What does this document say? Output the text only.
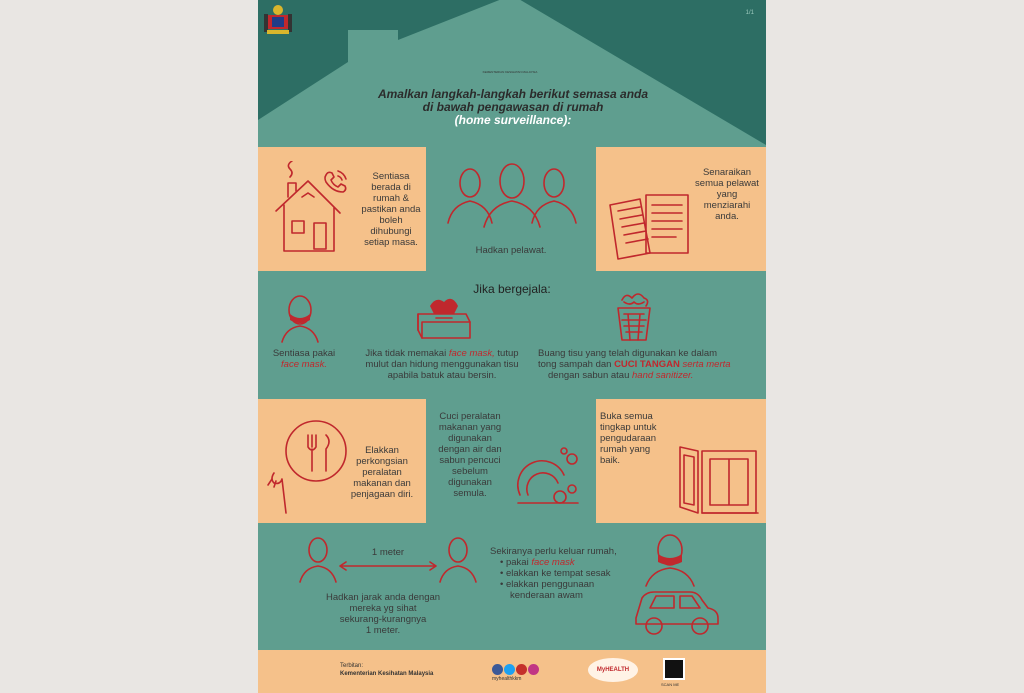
1/1
KEMENTERIAN KESIHATAN MALAYSIA
Amalkan langkah-langkah berikut semasa anda
di bawah pengawasan di rumah
(home surveillance):
Sentiasa
berada di
rumah &
pastikan anda
boleh
dihubungi
setiap masa.
Hadkan pelawat.
Senaraikan
semua pelawat
yang
menziarahi
anda.
Jika bergejala:
Sentiasa pakai
face mask.
Jika tidak memakai face mask, tutup
mulut dan hidung menggunakan tisu
apabila batuk atau bersin.
Buang tisu yang telah digunakan ke dalam
tong sampah dan CUCI TANGAN serta merta
dengan sabun atau hand sanitizer.
Elakkan
perkongsian
peralatan
makanan dan
penjagaan diri.
Cuci peralatan
makanan yang
digunakan
dengan air dan
sabun pencuci
sebelum
digunakan
semula.
Buka semua
tingkap untuk
pengudaraan
rumah yang
baik.
1 meter
Hadkan jarak anda dengan
mereka yg sihat
sekurang-kurangnya
1 meter.
Sekiranya perlu keluar rumah,
• pakai face mask
• elakkan ke tempat sesak
• elakkan penggunaan
kenderaan awam
Terbitan:
Kementerian Kesihatan Malaysia
myhealthkkm
MyHEALTH
SCAN ME
